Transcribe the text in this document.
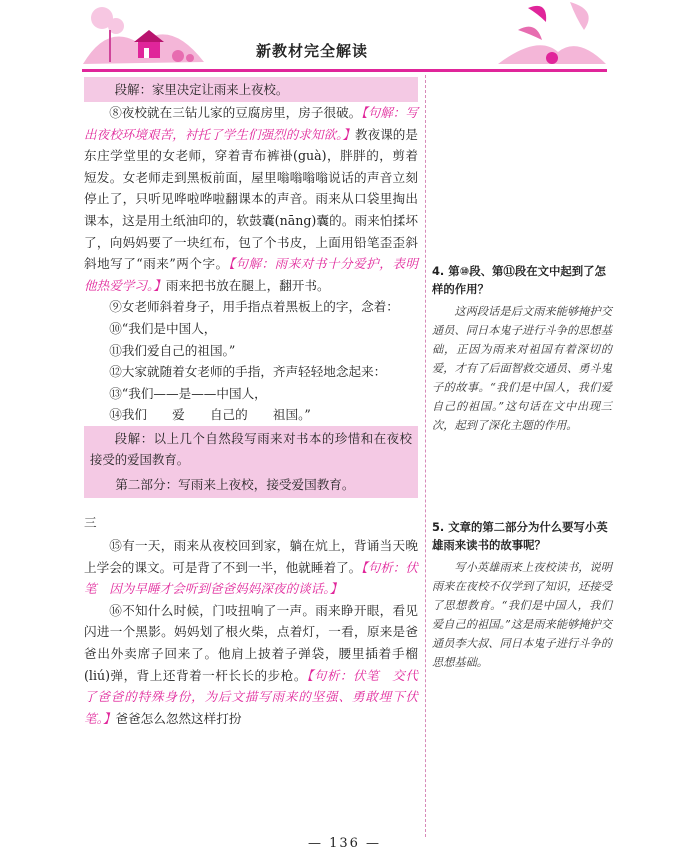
新教材完全解读

段解：家里决定让雨来上夜校。

⑧夜校就在三钻儿家的豆腐房里，房子很破。【句解：写出夜校环境艰苦，衬托了学生们强烈的求知欲。】教夜课的是东庄学堂里的女老师，穿着青布裤褂(guà)，胖胖的，剪着短发。女老师走到黑板前面，屋里嗡嗡嗡嗡说话的声音立刻停止了，只听见哗啦哗啦翻课本的声音。雨来从口袋里掏出课本，这是用土纸油印的，软鼓囊(nāng)囊的。雨来怕揉坏了，向妈妈要了一块红布，包了个书皮，上面用铅笔歪歪斜斜地写了“雨来”两个字。【句解：雨来对书十分爱护，表明他热爱学习。】雨来把书放在腿上，翻开书。

⑨女老师斜着身子，用手指点着黑板上的字，念着：

⑩“我们是中国人，

⑪我们爱自己的祖国。”

⑫大家就随着女老师的手指，齐声轻轻地念起来：

⑬“我们——是——中国人，

⑭我们　　爱　　自己的　　祖国。”

段解：以上几个自然段写雨来对书本的珍惜和在夜校接受的爱国教育。

第二部分：写雨来上夜校，接受爱国教育。

三

⑮有一天，雨来从夜校回到家，躺在炕上，背诵当天晚上学会的课文。可是背了不到一半，他就睡着了。【句析：伏笔　因为早睡才会听到爸爸妈妈深夜的谈话。】

⑯不知什么时候，门吱扭响了一声。雨来睁开眼，看见闪进一个黑影。妈妈划了根火柴，点着灯，一看，原来是爸爸出外卖席子回来了。他肩上披着子弹袋，腰里插着手榴(liú)弹，背上还背着一杆长长的步枪。【句析：伏笔　交代了爸爸的特殊身份，为后文描写雨来的坚强、勇敢埋下伏笔。】爸爸怎么忽然这样打扮

4. 第⑩段、第⑪段在文中起到了怎样的作用？

这两段话是后文雨来能够掩护交通员、同日本鬼子进行斗争的思想基础，正因为雨来对祖国有着深切的爱，才有了后面智救交通员、勇斗鬼子的故事。“我们是中国人，我们爱自己的祖国。”这句话在文中出现三次，起到了深化主题的作用。

5. 文章的第二部分为什么要写小英雄雨来读书的故事呢？

写小英雄雨来上夜校读书，说明雨来在夜校不仅学到了知识，还接受了思想教育。“我们是中国人，我们爱自己的祖国。”这是雨来能够掩护交通员李大叔、同日本鬼子进行斗争的思想基础。

— 136 —
